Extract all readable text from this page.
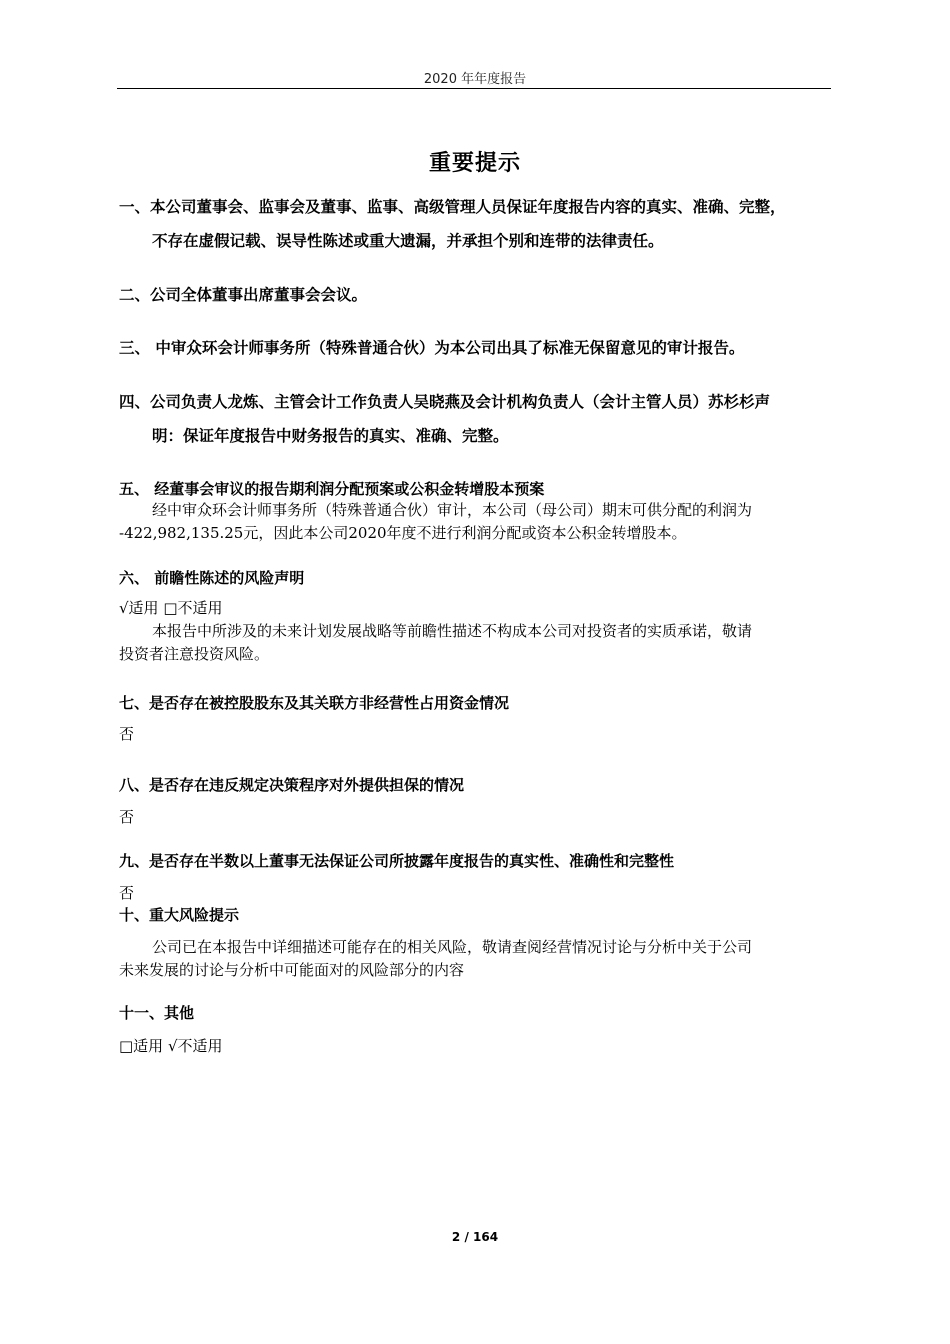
2020 年年度报告
重要提示

一、本公司董事会、监事会及董事、监事、高级管理人员保证年度报告内容的真实、准确、完整，

不存在虚假记载、误导性陈述或重大遗漏，并承担个别和连带的法律责任。

二、公司全体董事出席董事会会议。

三、 中审众环会计师事务所（特殊普通合伙）为本公司出具了标准无保留意见的审计报告。

四、公司负责人龙炼、主管会计工作负责人吴晓燕及会计机构负责人（会计主管人员）苏杉杉声

明：保证年度报告中财务报告的真实、准确、完整。

五、 经董事会审议的报告期利润分配预案或公积金转增股本预案

经中审众环会计师事务所（特殊普通合伙）审计，本公司（母公司）期末可供分配的利润为

-422,982,135.25元，因此本公司2020年度不进行利润分配或资本公积金转增股本。

六、 前瞻性陈述的风险声明

√适用 □不适用

本报告中所涉及的未来计划发展战略等前瞻性描述不构成本公司对投资者的实质承诺，敬请

投资者注意投资风险。

七、是否存在被控股股东及其关联方非经营性占用资金情况

否

八、是否存在违反规定决策程序对外提供担保的情况

否

九、是否存在半数以上董事无法保证公司所披露年度报告的真实性、准确性和完整性

否

十、重大风险提示

公司已在本报告中详细描述可能存在的相关风险，敬请查阅经营情况讨论与分析中关于公司

未来发展的讨论与分析中可能面对的风险部分的内容

十一、其他

□适用 √不适用

2 / 164
